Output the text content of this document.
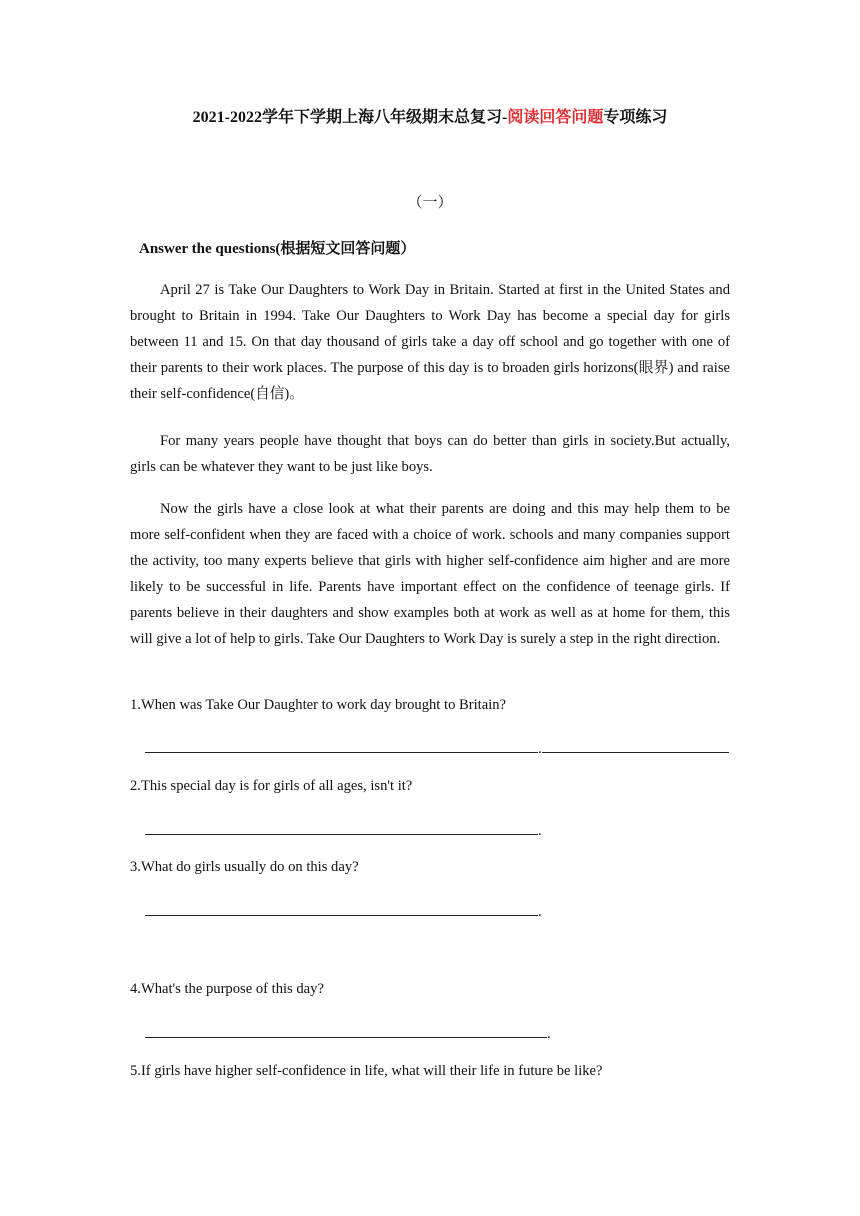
2021-2022学年下学期上海八年级期末总复习-阅读回答问题专项练习
（一）
Answer the questions(根据短文回答问题）

April 27 is Take Our Daughters to Work Day in Britain. Started at first in the United States and brought to Britain in 1994. Take Our Daughters to Work Day has become a special day for girls between 11 and 15. On that day thousand of girls take a day off school and go together with one of their parents to their work places. The purpose of this day is to broaden girls horizons(眼界) and raise their self-confidence(自信)。

For many years people have thought that boys can do better than girls in society.But actually, girls can be whatever they want to be just like boys.

Now the girls have a close look at what their parents are doing and this may help them to be more self-confident when they are faced with a choice of work. schools and many companies support the activity, too many experts believe that girls with higher self-confidence aim higher and are more likely to be successful in life. Parents have important effect on the confidence of teenage girls. If parents believe in their daughters and show examples both at work as well as at home for them, this will give a lot of help to girls. Take Our Daughters to Work Day is surely a step in the right direction.

1.When was Take Our Daughter to work day brought to Britain?

.

2.This special day is for girls of all ages, isn't it?

.

3.What do girls usually do on this day?

.

4.What's the purpose of this day?

.

5.If girls have higher self-confidence in life, what will their life in future be like?
